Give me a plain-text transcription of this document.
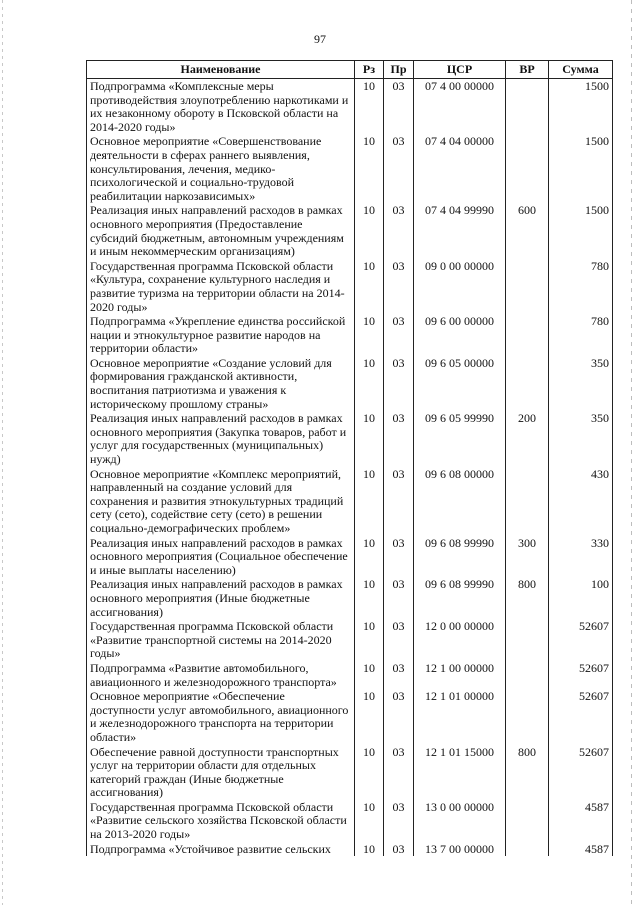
97
Наименование	Рз	Пр	ЦСР	ВР	Сумма
Подпрограмма «Комплексные меры противодействия злоупотреблению наркотиками и их незаконному обороту в Псковской области на 2014-2020 годы»	10	03	07 4 00 00000		1500
Основное мероприятие «Совершенствование деятельности в сферах раннего выявления, консультирования, лечения, медико-психологической и социально-трудовой реабилитации наркозависимых»	10	03	07 4 04 00000		1500
Реализация иных направлений расходов в рамках основного мероприятия (Предоставление субсидий бюджетным, автономным учреждениям и иным некоммерческим организациям)	10	03	07 4 04 99990	600	1500
Государственная программа Псковской области «Культура, сохранение культурного наследия и развитие туризма на территории области на 2014-2020 годы»	10	03	09 0 00 00000		780
Подпрограмма «Укрепление единства российской нации и этнокультурное развитие народов на территории области»	10	03	09 6 00 00000		780
Основное мероприятие «Создание условий для формирования гражданской активности, воспитания патриотизма и уважения к историческому прошлому страны»	10	03	09 6 05 00000		350
Реализация иных направлений расходов в рамках основного мероприятия (Закупка товаров, работ и услуг для государственных (муниципальных) нужд)	10	03	09 6 05 99990	200	350
Основное мероприятие «Комплекс мероприятий, направленный на создание условий для сохранения и развития этнокультурных традиций сету (сето), содействие сету (сето) в решении социально-демографических проблем»	10	03	09 6 08 00000		430
Реализация иных направлений расходов в рамках основного мероприятия (Социальное обеспечение и иные выплаты населению)	10	03	09 6 08 99990	300	330
Реализация иных направлений расходов в рамках основного мероприятия (Иные бюджетные ассигнования)	10	03	09 6 08 99990	800	100
Государственная программа Псковской области «Развитие транспортной системы на 2014-2020 годы»	10	03	12 0 00 00000		52607
Подпрограмма «Развитие автомобильного, авиационного и железнодорожного транспорта»	10	03	12 1 00 00000		52607
Основное мероприятие «Обеспечение доступности услуг автомобильного, авиационного и железнодорожного транспорта на территории области»	10	03	12 1 01 00000		52607
Обеспечение равной доступности транспортных услуг на территории области для отдельных категорий граждан (Иные бюджетные ассигнования)	10	03	12 1 01 15000	800	52607
Государственная программа Псковской области «Развитие сельского хозяйства Псковской области на 2013-2020 годы»	10	03	13 0 00 00000		4587
Подпрограмма «Устойчивое развитие сельских	10	03	13 7 00 00000		4587
